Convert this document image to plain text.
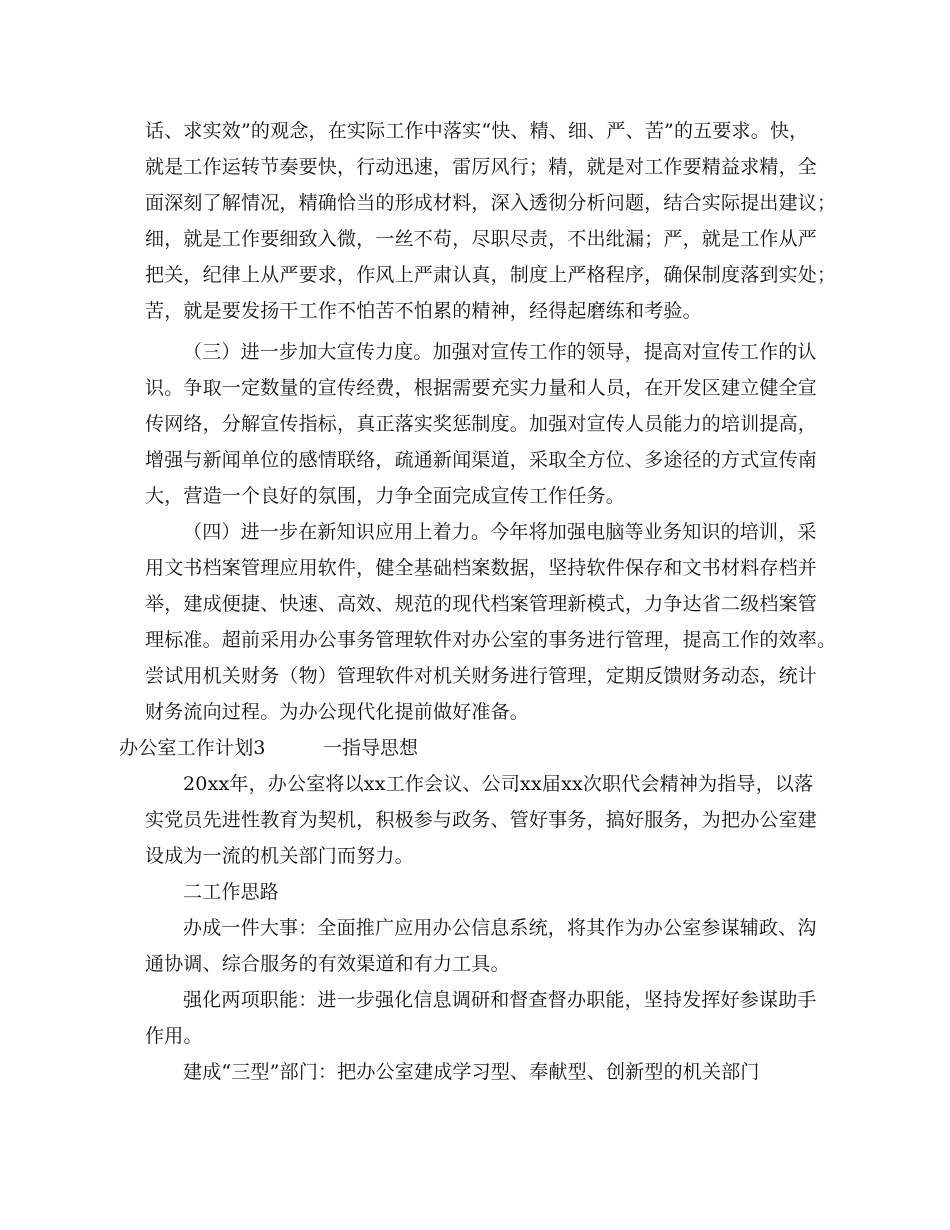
话、求实效”的观念，在实际工作中落实“快、精、细、严、苦”的五要求。快，
就是工作运转节奏要快，行动迅速，雷厉风行；精，就是对工作要精益求精，全
面深刻了解情况，精确恰当的形成材料，深入透彻分析问题，结合实际提出建议；
细，就是工作要细致入微，一丝不苟，尽职尽责，不出纰漏；严，就是工作从严
把关，纪律上从严要求，作风上严肃认真，制度上严格程序，确保制度落到实处；
苦，就是要发扬干工作不怕苦不怕累的精神，经得起磨练和考验。
（三）进一步加大宣传力度。加强对宣传工作的领导，提高对宣传工作的认
识。争取一定数量的宣传经费，根据需要充实力量和人员，在开发区建立健全宣
传网络，分解宣传指标，真正落实奖惩制度。加强对宣传人员能力的培训提高，
增强与新闻单位的感情联络，疏通新闻渠道，采取全方位、多途径的方式宣传南
大，营造一个良好的氛围，力争全面完成宣传工作任务。
（四）进一步在新知识应用上着力。今年将加强电脑等业务知识的培训，采
用文书档案管理应用软件，健全基础档案数据，坚持软件保存和文书材料存档并
举，建成便捷、快速、高效、规范的现代档案管理新模式，力争达省二级档案管
理标准。超前采用办公事务管理软件对办公室的事务进行管理，提高工作的效率。
尝试用机关财务（物）管理软件对机关财务进行管理，定期反馈财务动态，统计
财务流向过程。为办公现代化提前做好准备。
办公室工作计划3	一指导思想
20xx年，办公室将以xx工作会议、公司xx届xx次职代会精神为指导，以落
实党员先进性教育为契机，积极参与政务、管好事务，搞好服务，为把办公室建
设成为一流的机关部门而努力。
二工作思路
办成一件大事：全面推广应用办公信息系统，将其作为办公室参谋辅政、沟
通协调、综合服务的有效渠道和有力工具。
强化两项职能：进一步强化信息调研和督查督办职能，坚持发挥好参谋助手
作用。
建成“三型”部门：把办公室建成学习型、奉献型、创新型的机关部门
